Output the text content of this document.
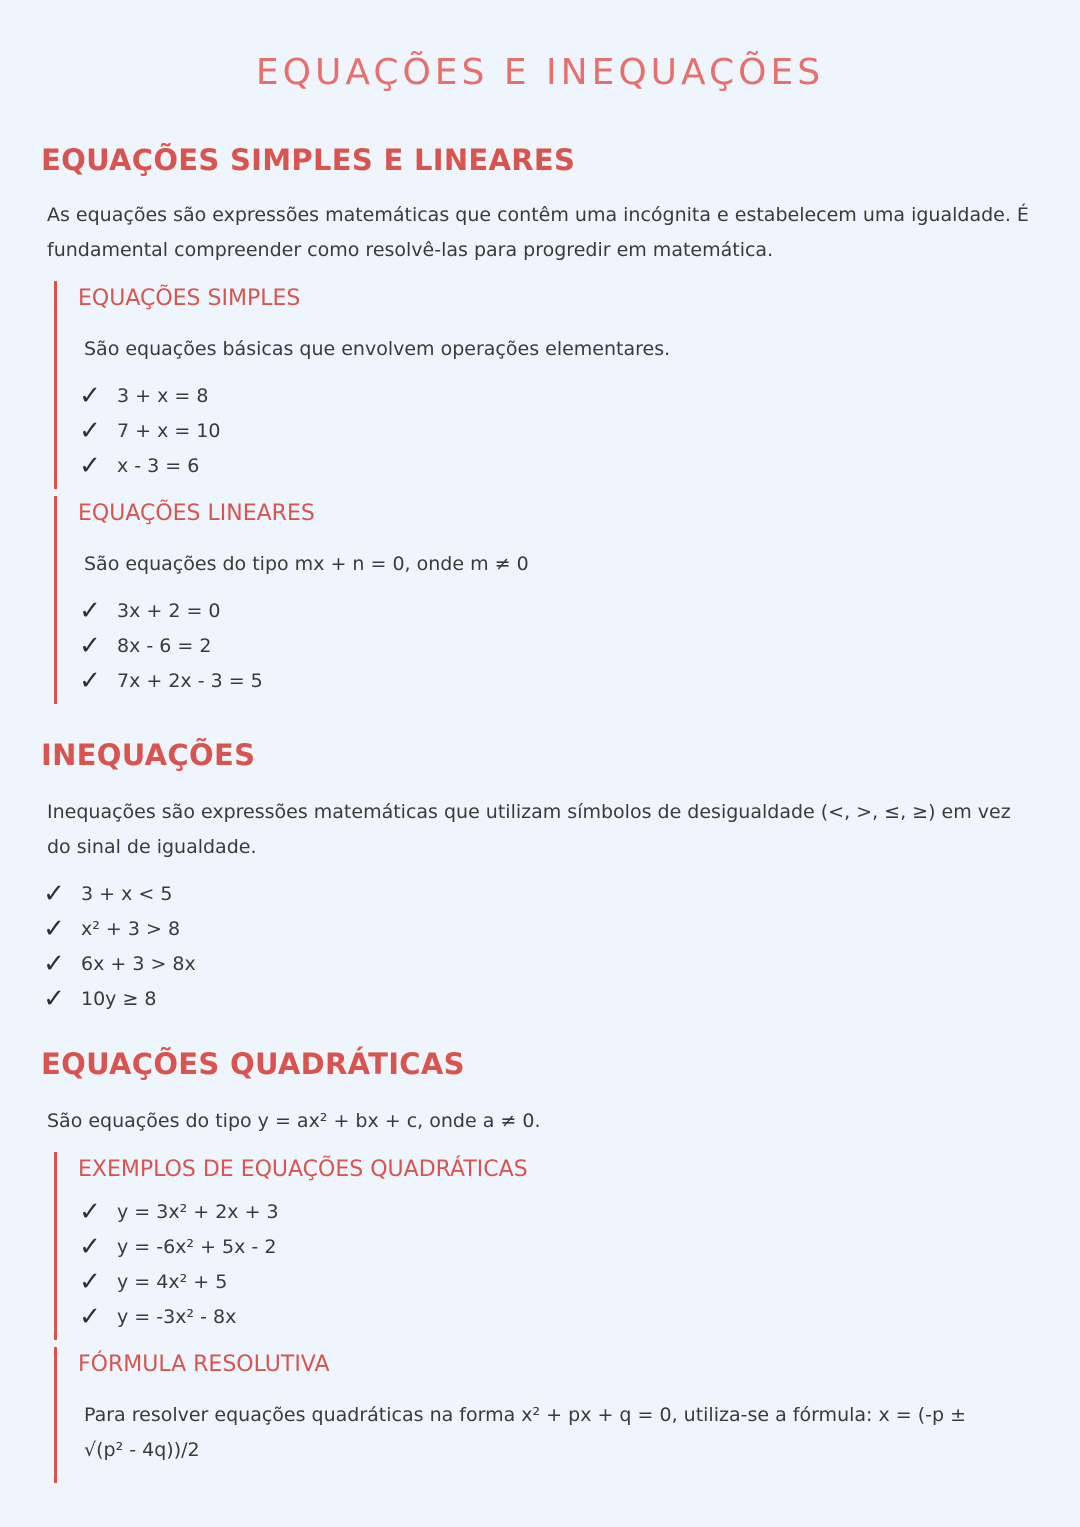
EQUAÇÕES E INEQUAÇÕES
EQUAÇÕES SIMPLES E LINEARES
As equações são expressões matemáticas que contêm uma incógnita e estabelecem uma igualdade. É fundamental compreender como resolvê-las para progredir em matemática.
EQUAÇÕES SIMPLES
São equações básicas que envolvem operações elementares.
✓ 3 + x = 8
✓ 7 + x = 10
✓ x - 3 = 6
EQUAÇÕES LINEARES
São equações do tipo mx + n = 0, onde m ≠ 0
✓ 3x + 2 = 0
✓ 8x - 6 = 2
✓ 7x + 2x - 3 = 5
INEQUAÇÕES
Inequações são expressões matemáticas que utilizam símbolos de desigualdade (<, >, ≤, ≥) em vez do sinal de igualdade.
✓ 3 + x < 5
✓ x² + 3 > 8
✓ 6x + 3 > 8x
✓ 10y ≥ 8
EQUAÇÕES QUADRÁTICAS
São equações do tipo y = ax² + bx + c, onde a ≠ 0.
EXEMPLOS DE EQUAÇÕES QUADRÁTICAS
✓ y = 3x² + 2x + 3
✓ y = -6x² + 5x - 2
✓ y = 4x² + 5
✓ y = -3x² - 8x
FÓRMULA RESOLUTIVA
Para resolver equações quadráticas na forma x² + px + q = 0, utiliza-se a fórmula: x = (-p ± √(p² - 4q))/2
